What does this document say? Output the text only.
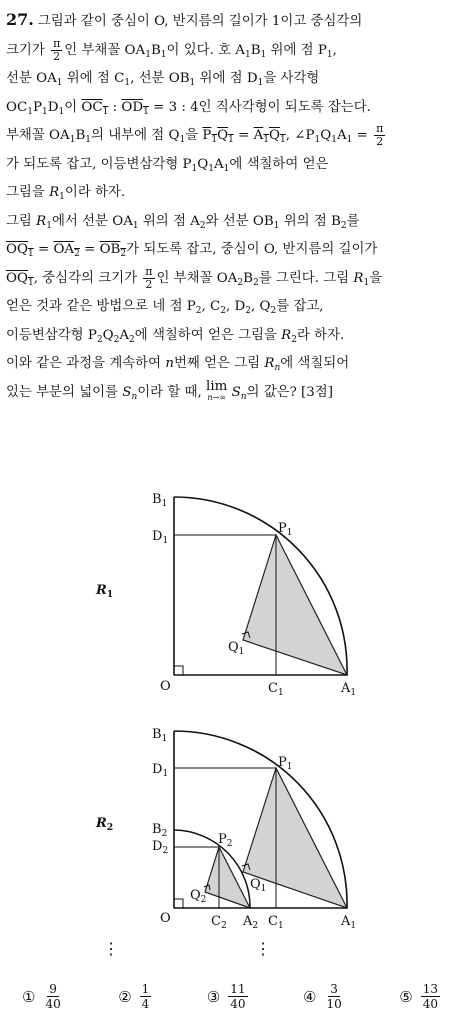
27. 그림과 같이 중심이 O, 반지름의 길이가 1이고 중심각의
크기가 $\frac{\pi}{2}$ 인 부채꼴 $OA_1B_1$이 있다. 호 $A_1B_1$ 위에 점 $P_1$,
선분 $OA_1$ 위에 점 $C_1$, 선분 $OB_1$ 위에 점 $D_1$을 사각형
$OC_1P_1D_1$이 $OC_1$ : $OD_1 = 3$ : 4인 직사각형이 되도록 잡는다.
부채꼴 $OA_1B_1$의 내부에 점 $Q_1$을 $P_1Q_1 = A_1Q_1$, $\angle P_1Q_1A_1 = \frac{\pi}{2}$
가 되도록 잡고, 이등변삼각형 $P_1Q_1A_1$에 색칠하여 얻은
그림을 $R_1$이라 하자.
그림 $R_1$에서 선분 $OA_1$ 위의 점 $A_2$와 선분 $OB_1$ 위의 점 $B_2$를
$OQ_1 = OA_2 = OB_2$가 되도록 잡고, 중심이 O, 반지름의 길이가
$OQ_1$, 중심각의 크기가 $\frac{\pi}{2}$ 인 부채꼴 $OA_2B_2$를 그린다. 그림 $R_1$을
얻은 것과 같은 방법으로 네 점 $P_2$, $C_2$, $D_2$, $Q_2$를 잡고,
이등변삼각형 $P_2Q_2A_2$에 색칠하여 얻은 그림을 $R_2$라 하자.
이와 같은 과정을 계속하여 n번째 얻은 그림 $R_n$에 색칠되어
있는 부분의 넓이를 $S_n$이라 할 때, lim
n→∞ $S_n$의 값은? [3점]
$R_1$
$B_1$
$D_1$
$P_1$
$Q_1$
O	$C_1$	$A_1$
$R_2$
$B_1$
$D_1$
$P_1$
$Q_1$
$B_2$
$D_2$
$P_2$
$Q_2$
O	$C_2$ $A_2$ $C_1$	$A_1$
⋮	⋮
① $\frac{9}{40}$	② $\frac{1}{4}$	③ $\frac{11}{40}$	④ $\frac{3}{10}$	⑤ $\frac{13}{40}$
